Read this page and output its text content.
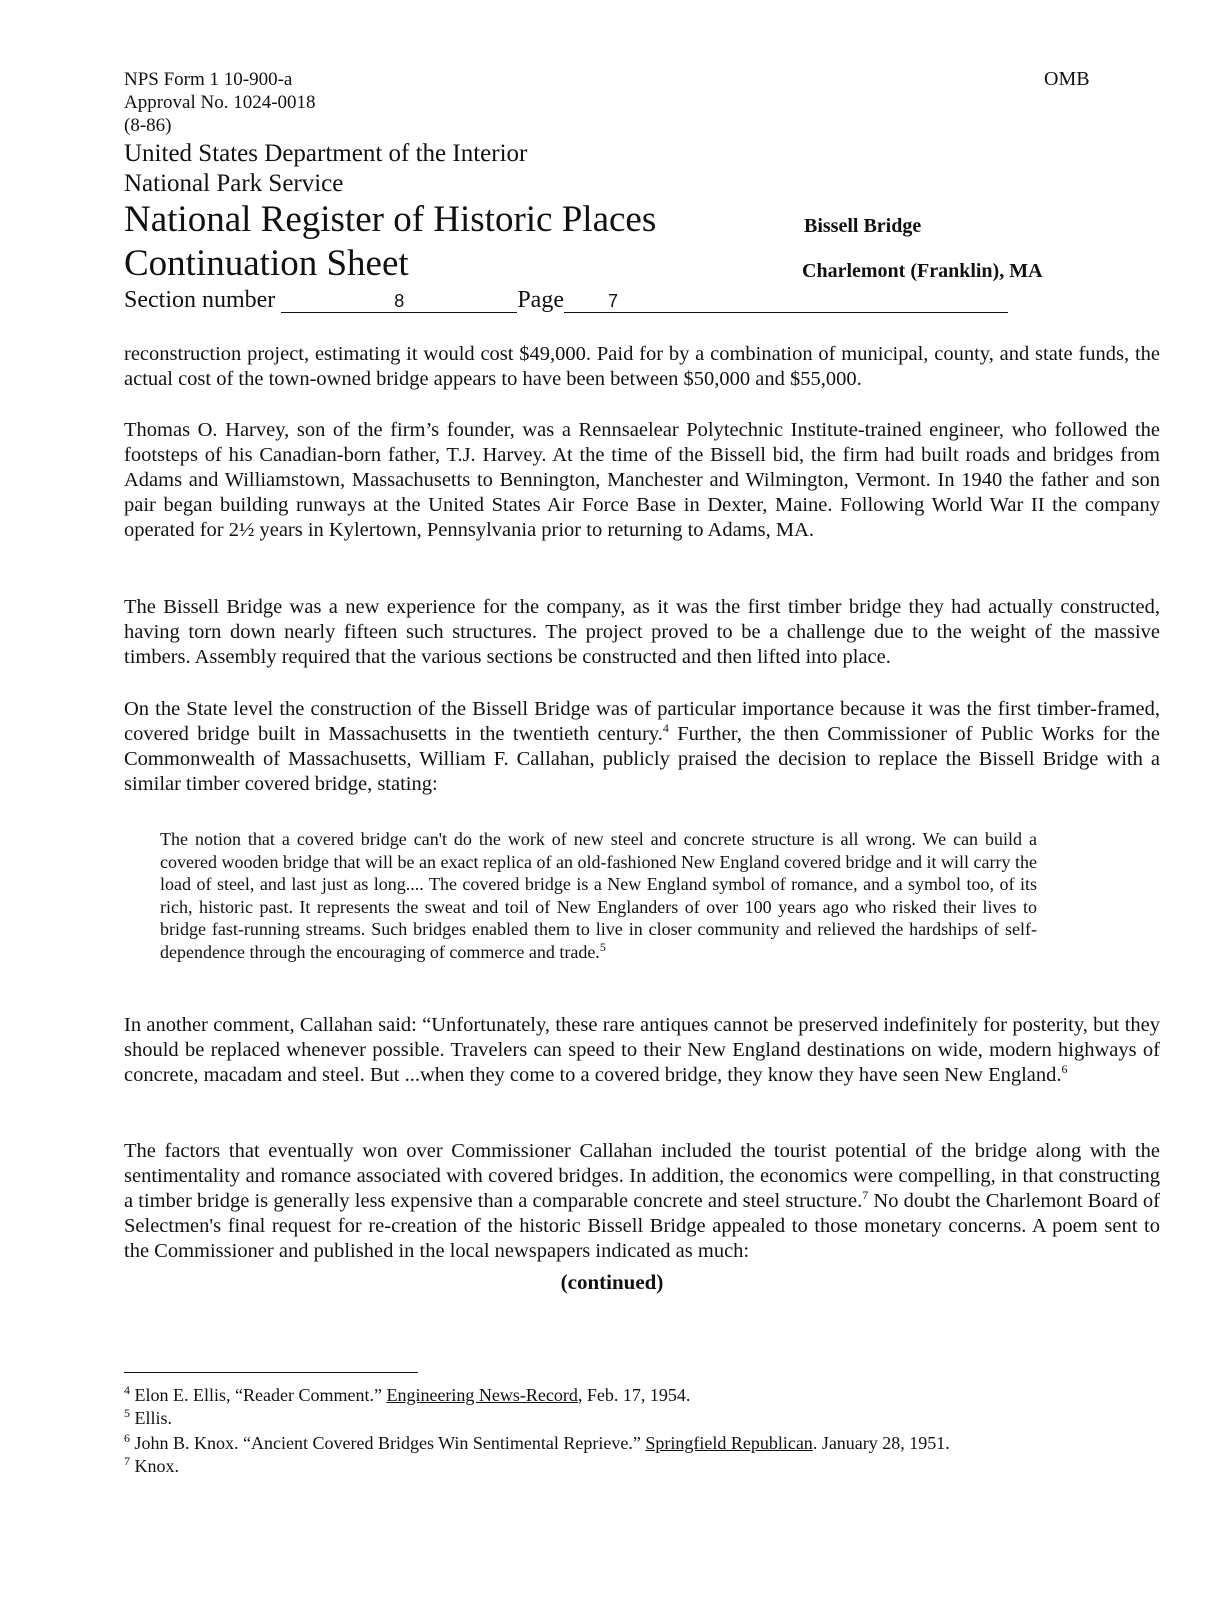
NPS Form 1 10-900-a
Approval No. 1024-0018
(8-86)
OMB
United States Department of the Interior
National Park Service
National Register of Historic Places
Continuation Sheet
Bissell Bridge
Charlemont (Franklin), MA
Section number	8	Page 7

reconstruction project, estimating it would cost $49,000. Paid for by a combination of municipal, county, and state funds, the actual cost of the town-owned bridge appears to have been between $50,000 and $55,000.

Thomas O. Harvey, son of the firm’s founder, was a Rennsaelear Polytechnic Institute-trained engineer, who followed the footsteps of his Canadian-born father, T.J. Harvey. At the time of the Bissell bid, the firm had built roads and bridges from Adams and Williamstown, Massachusetts to Bennington, Manchester and Wilmington, Vermont. In 1940 the father and son pair began building runways at the United States Air Force Base in Dexter, Maine. Following World War II the company operated for 2½ years in Kylertown, Pennsylvania prior to returning to Adams, MA.

The Bissell Bridge was a new experience for the company, as it was the first timber bridge they had actually constructed, having torn down nearly fifteen such structures. The project proved to be a challenge due to the weight of the massive timbers. Assembly required that the various sections be constructed and then lifted into place.

On the State level the construction of the Bissell Bridge was of particular importance because it was the first timber-framed, covered bridge built in Massachusetts in the twentieth century.$^4$ Further, the then Commissioner of Public Works for the Commonwealth of Massachusetts, William F. Callahan, publicly praised the decision to replace the Bissell Bridge with a similar timber covered bridge, stating:

The notion that a covered bridge can't do the work of new steel and concrete structure is all wrong. We can build a covered wooden bridge that will be an exact replica of an old-fashioned New England covered bridge and it will carry the load of steel, and last just as long.... The covered bridge is a New England symbol of romance, and a symbol too, of its rich, historic past. It represents the sweat and toil of New Englanders of over 100 years ago who risked their lives to bridge fast-running streams. Such bridges enabled them to live in closer community and relieved the hardships of self-dependence through the encouraging of commerce and trade.$^5$

In another comment, Callahan said: “Unfortunately, these rare antiques cannot be preserved indefinitely for posterity, but they should be replaced whenever possible. Travelers can speed to their New England destinations on wide, modern highways of concrete, macadam and steel. But ...when they come to a covered bridge, they know they have seen New England.$^6$

The factors that eventually won over Commissioner Callahan included the tourist potential of the bridge along with the sentimentality and romance associated with covered bridges. In addition, the economics were compelling, in that constructing a timber bridge is generally less expensive than a comparable concrete and steel structure.$^7$ No doubt the Charlemont Board of Selectmen's final request for re-creation of the historic Bissell Bridge appealed to those monetary concerns. A poem sent to the Commissioner and published in the local newspapers indicated as much:

(continued)
$^4$ Elon E. Ellis, “Reader Comment.” Engineering News-Record, Feb. 17, 1954.
$^5$ Ellis.
$^6$ John B. Knox. “Ancient Covered Bridges Win Sentimental Reprieve.” Springfield Republican. January 28, 1951.
$^7$ Knox.
